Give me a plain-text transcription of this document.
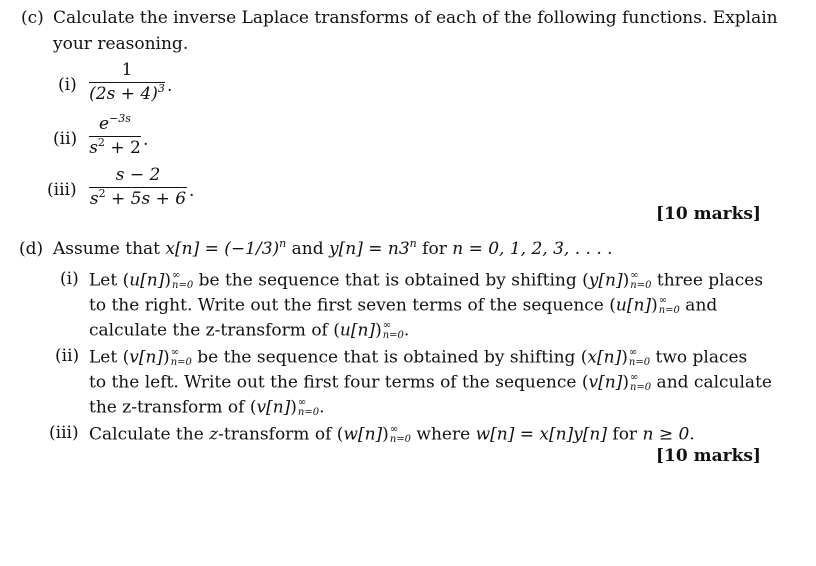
(c) Calculate the inverse Laplace transforms of each of the following functions. Explain
your reasoning.
(i)
1
$(2s + 4)^3$ .
(ii)
$e^{-3s}$
$s^2 + 2$ .
(iii)
s − 2
$s^2 + 5s + 6$ .
[10 marks]
(d) Assume that $x[n] = (-1/3)^n$ and $y[n] = n3^n$ for n = 0, 1, 2, 3, . . . .
(i) Let (u[n]) ∞
n=0 be the sequence that is obtained by shifting (y[n]) ∞
n=0 three places
to the right. Write out the first seven terms of the sequence (u[n]) ∞
n=0 and
calculate the z-transform of (u[n]) ∞
n=0 .
(ii) Let (v[n]) ∞
n=0 be the sequence that is obtained by shifting (x[n]) ∞
n=0 two places
to the left. Write out the first four terms of the sequence (v[n]) ∞
n=0 and calculate
the z-transform of (v[n]) ∞
n=0 .
(iii) Calculate the z-transform of (w[n]) ∞
n=0 where w[n] = x[n]y[n] for n ≥ 0.
[10 marks]
